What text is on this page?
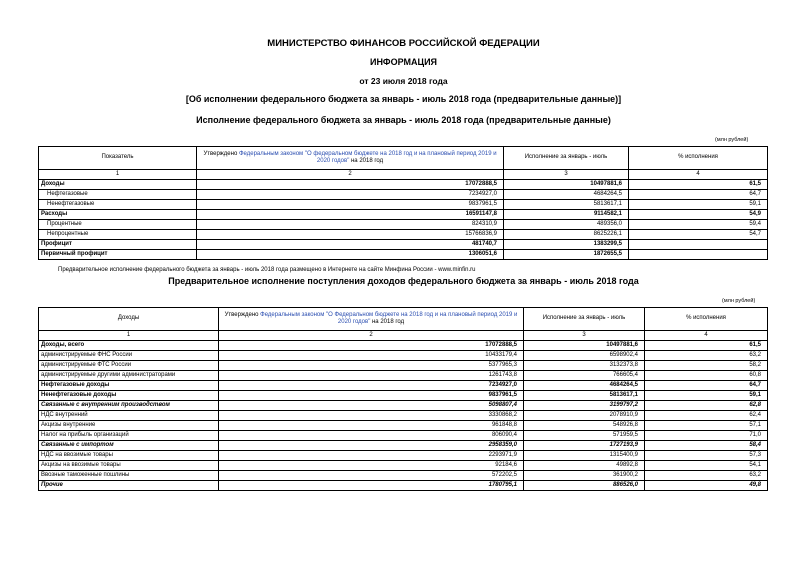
МИНИСТЕРСТВО ФИНАНСОВ РОССИЙСКОЙ ФЕДЕРАЦИИ
ИНФОРМАЦИЯ
от 23 июля 2018 года
[Об исполнении федерального бюджета за январь - июль 2018 года (предварительные данные)]
Исполнение федерального бюджета за январь - июль 2018 года (предварительные данные)
(млн рублей)
Показатель	Утверждено Федеральным законом "О федеральном бюджете на 2018 год и на плановый период 2019 и 2020 годов" на 2018 год	Исполнение за январь - июль	% исполнения
1	2	3	4
Доходы	17072888,5	10497881,6	61,5
Нефтегазовые	7234927,0	4684264,5	64,7
Ненефтегазовые	9837961,5	5813617,1	59,1
Расходы	16591147,8	9114582,1	54,9
Процентные	824310,9	489356,0	59,4
Непроцентные	15766836,9	8625226,1	54,7
Профицит	481740,7	1383299,5	
Первичный профицит	1306051,6	1872655,5	
Предварительное исполнение федерального бюджета за январь - июль 2018 года размещено в Интернете на сайте Минфина России - www.minfin.ru
Предварительное исполнение поступления доходов федерального бюджета за январь - июль 2018 года
(млн рублей)
Доходы	Утверждено Федеральным законом "О Федеральном бюджете на 2018 год и на плановый период 2019 и 2020 годов" на 2018 год	Исполнение за январь - июль	% исполнения
1	2	3	4
Доходы, всего	17072888,5	10497881,6	61,5
администрируемые ФНС России	10433179,4	6598902,4	63,2
администрируемые ФТС России	5377965,3	3132373,8	58,2
администрируемые другими администраторами	1261743,8	766605,4	60,8
Нефтегазовые доходы	7234927,0	4684264,5	64,7
Ненефтегазовые доходы	9837961,5	5813617,1	59,1
Связанные с внутренним производством	5098807,4	3199797,2	62,8
НДС внутренний	3330868,2	2078910,9	62,4
Акцизы внутренние	961848,8	548926,8	57,1
Налог на прибыль организаций	806090,4	571959,5	71,0
Связанные с импортом	2958359,0	1727193,9	58,4
НДС на ввозимые товары	2293971,9	1315400,9	57,3
Акцизы на ввозимые товары	92184,6	49892,8	54,1
Ввозные таможенные пошлины	572202,5	361900,2	63,2
Прочие	1780795,1	886526,0	49,8
